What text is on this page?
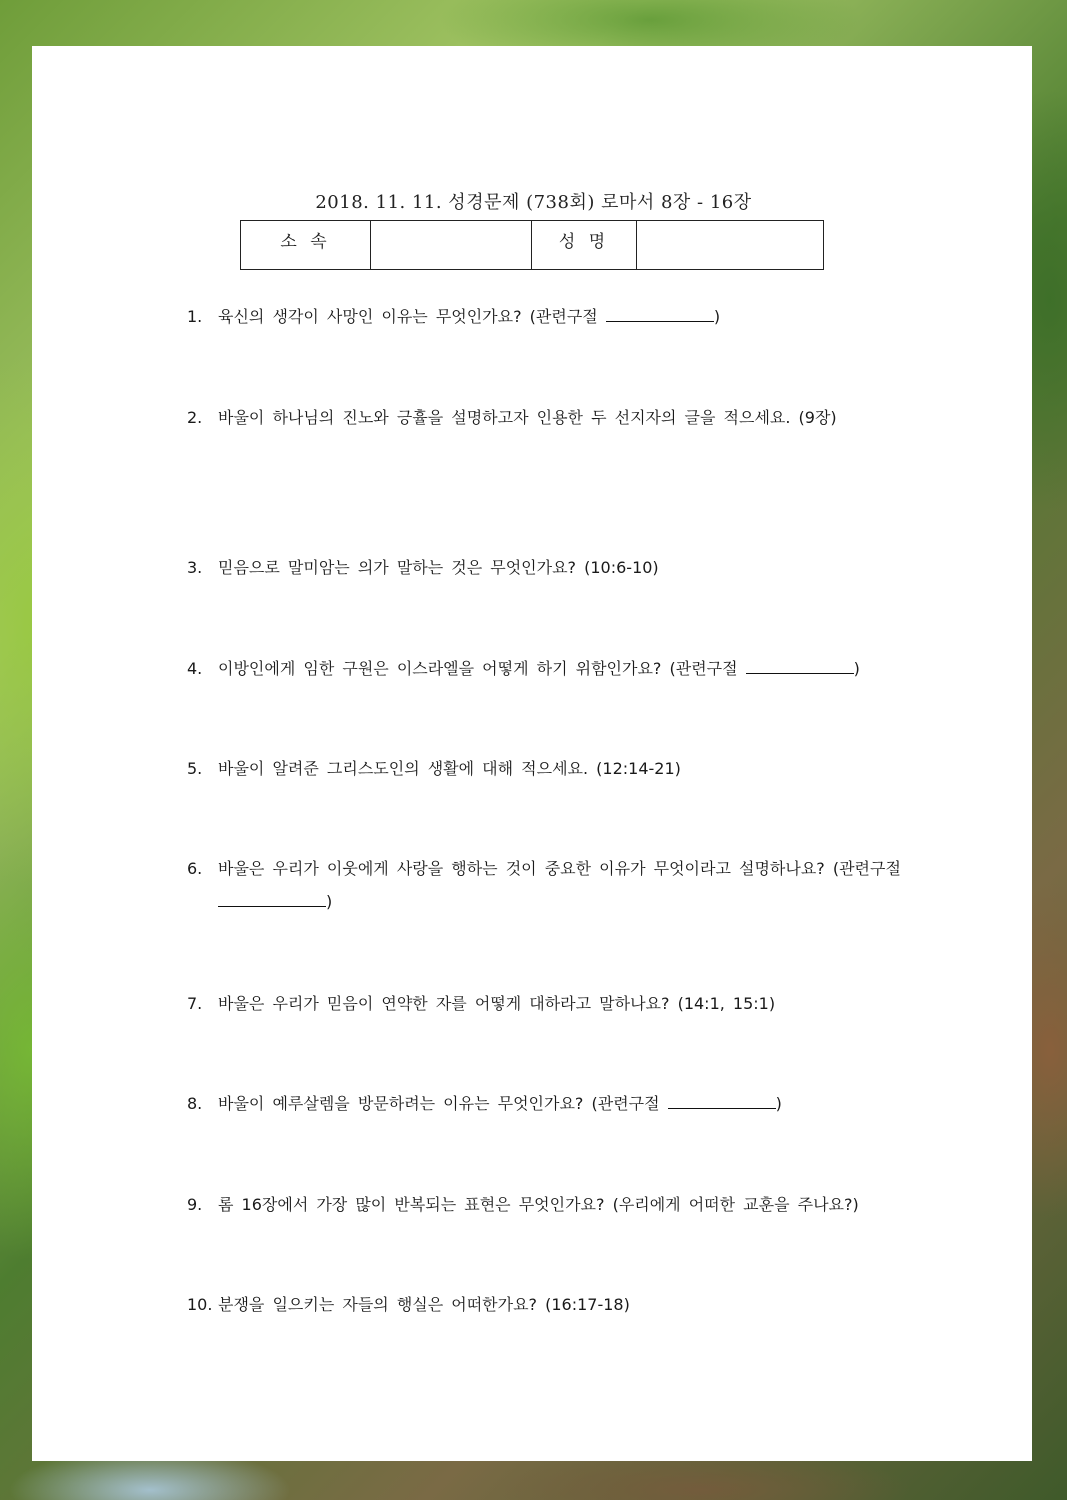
2018. 11. 11. 성경문제 (738회) 로마서 8장 - 16장
소 속		성 명	
1. 육신의 생각이 사망인 이유는 무엇인가요? (관련구절	)
2. 바울이 하나님의 진노와 긍휼을 설명하고자 인용한 두 선지자의 글을 적으세요. (9장)
3. 믿음으로 말미암는 의가 말하는 것은 무엇인가요? (10:6-10)
4. 이방인에게 임한 구원은 이스라엘을 어떻게 하기 위함인가요? (관련구절	)
5. 바울이 알려준 그리스도인의 생활에 대해 적으세요. (12:14-21)
6. 바울은 우리가 이웃에게 사랑을 행하는 것이 중요한 이유가 무엇이라고 설명하나요? (관련구절 )
7. 바울은 우리가 믿음이 연약한 자를 어떻게 대하라고 말하나요? (14:1, 15:1)
8. 바울이 예루살렘을 방문하려는 이유는 무엇인가요? (관련구절	)
9. 롬 16장에서 가장 많이 반복되는 표현은 무엇인가요? (우리에게 어떠한 교훈을 주나요?)
10. 분쟁을 일으키는 자들의 행실은 어떠한가요? (16:17-18)
